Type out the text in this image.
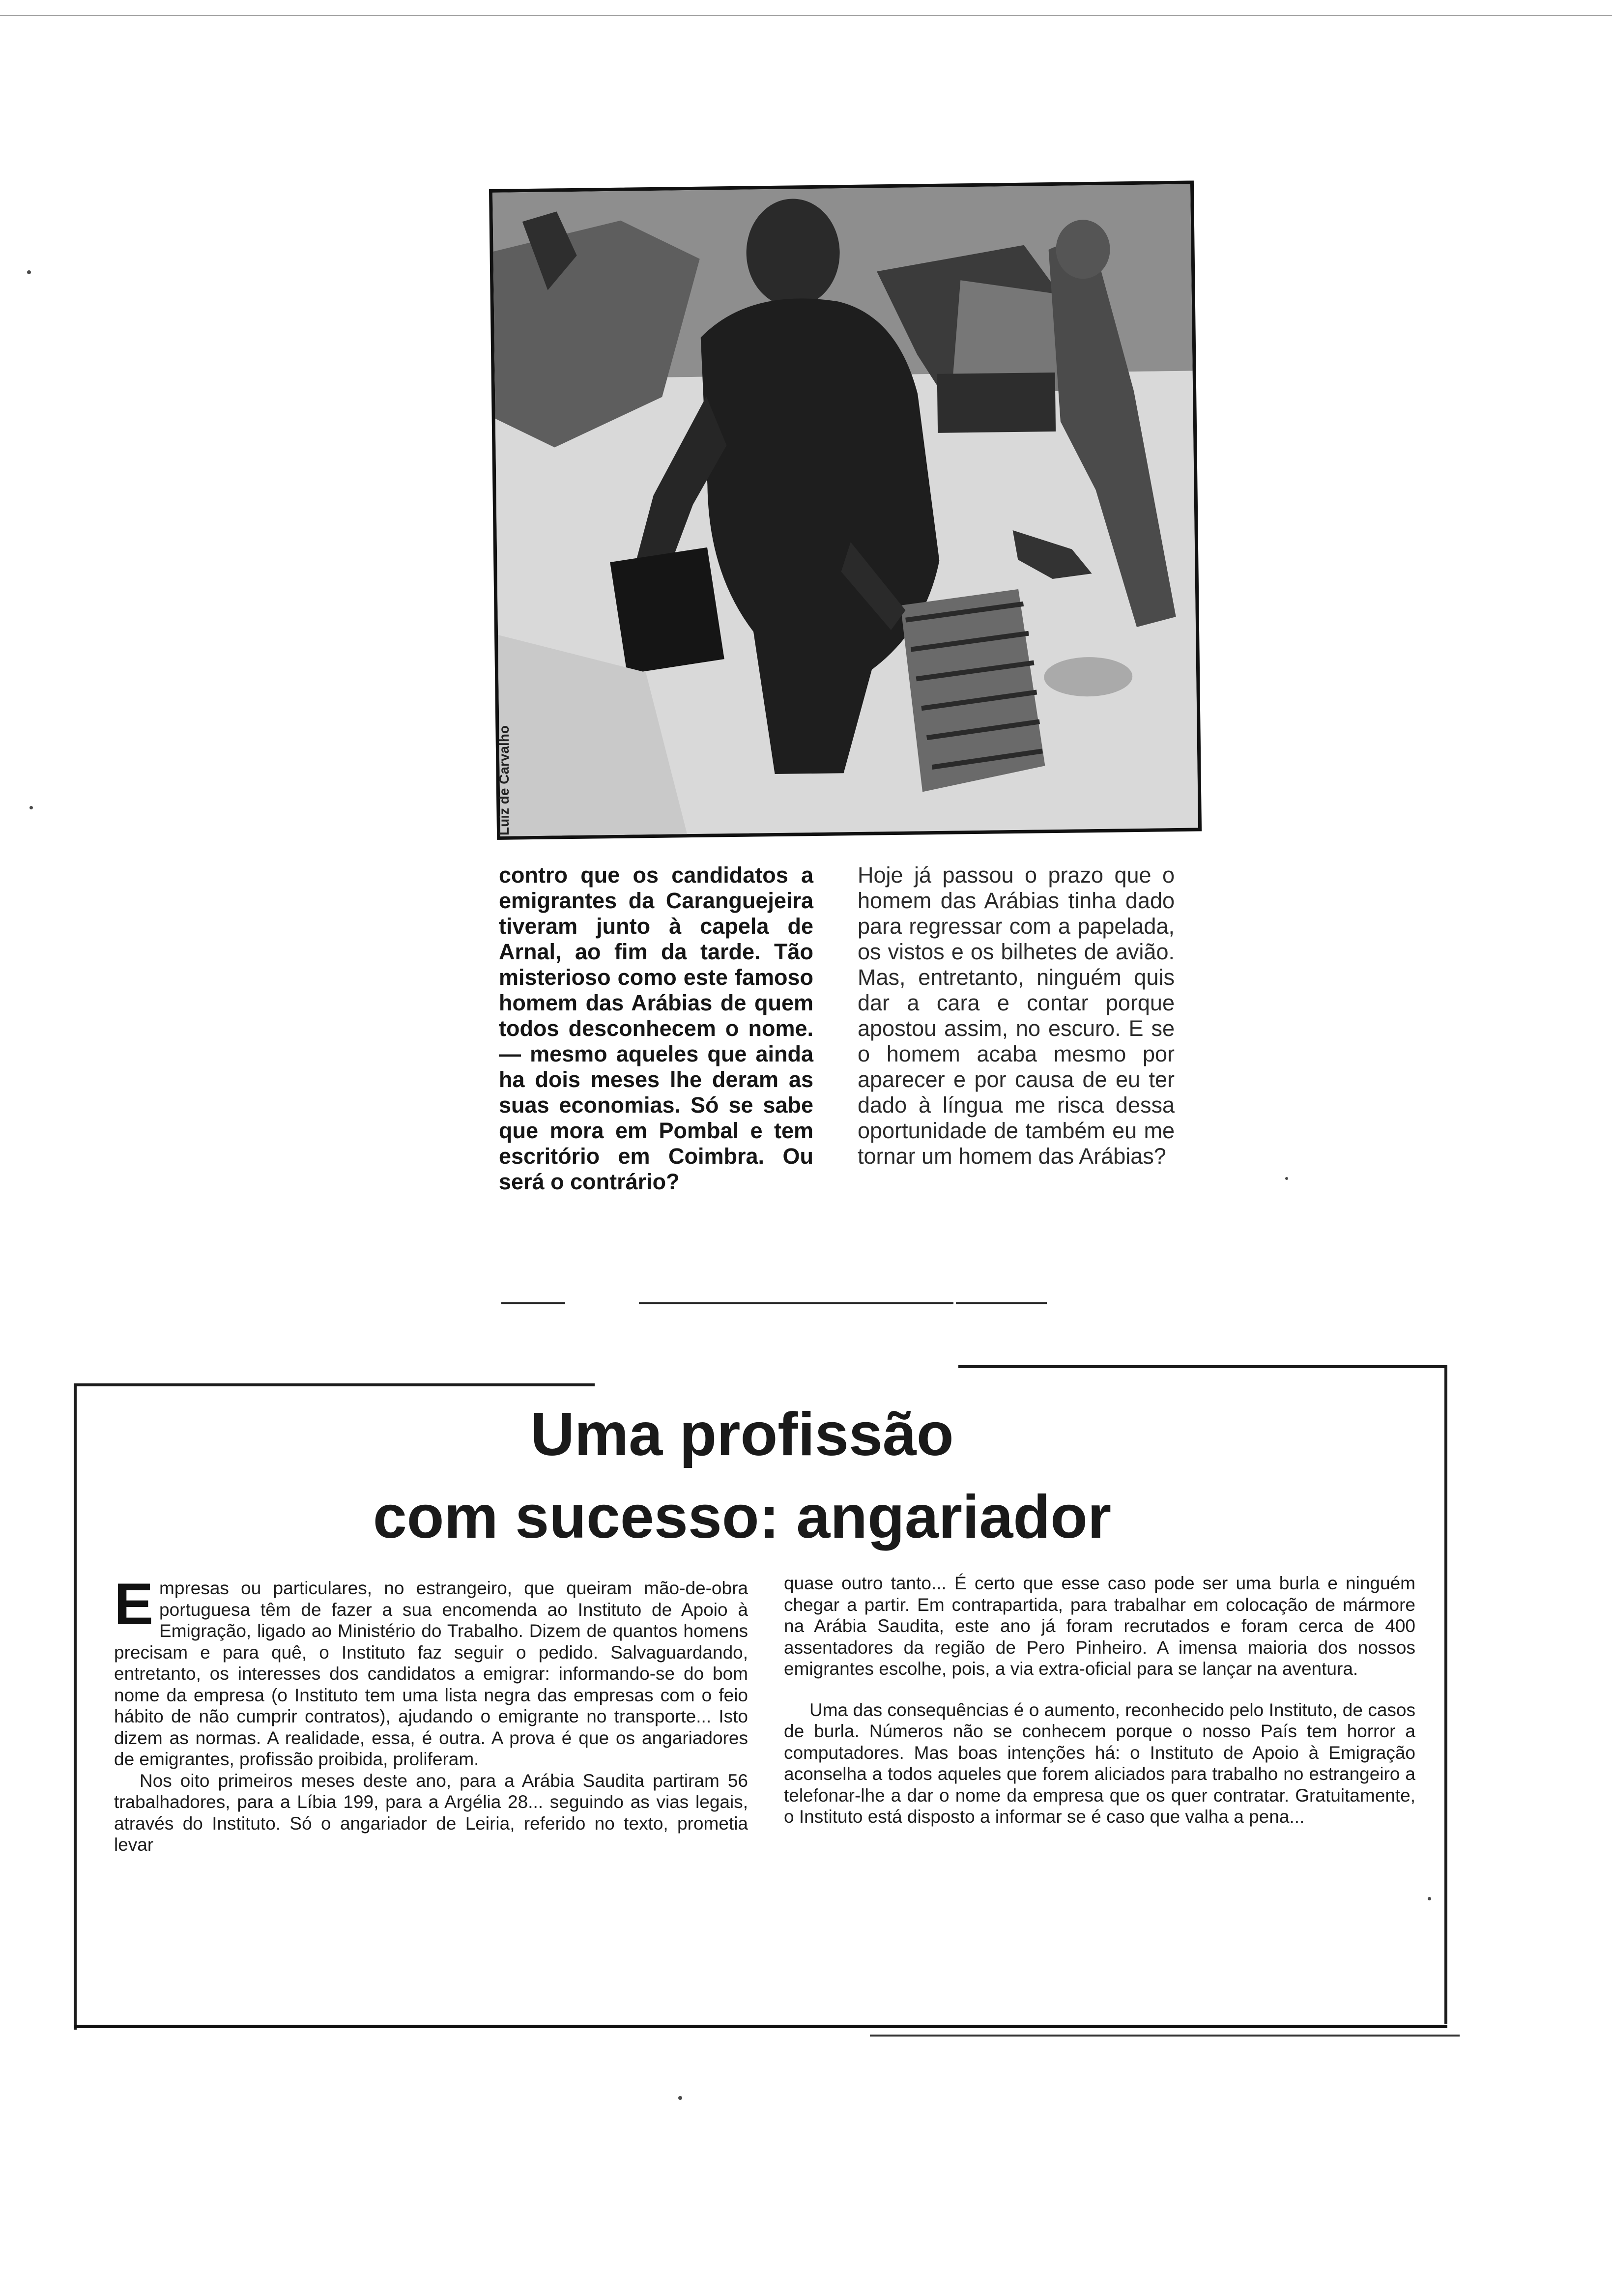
Luiz de Carvalho
contro que os candidatos a emigrantes da Caranguejeira tiveram junto à capela de Arnal, ao fim da tarde. Tão misterioso como este famoso homem das Arábias de quem todos desconhecem o nome. — mesmo aqueles que ainda ha dois meses lhe deram as suas economias. Só se sabe que mora em Pombal e tem escritório em Coimbra. Ou será o contrário?
Hoje já passou o prazo que o homem das Arábias tinha dado para regressar com a papelada, os vistos e os bilhetes de avião. Mas, entretanto, ninguém quis dar a cara e contar porque apostou assim, no escuro. E se o homem acaba mesmo por aparecer e por causa de eu ter dado à língua me risca dessa oportunidade de também eu me tornar um homem das Arábias?
Uma profissão
com sucesso: angariador

Empresas ou particulares, no estrangeiro, que queiram mão-de-obra portuguesa têm de fazer a sua encomenda ao Instituto de Apoio à Emigração, ligado ao Ministério do Trabalho. Dizem de quantos homens precisam e para quê, o Instituto faz seguir o pedido. Salvaguardando, entretanto, os interesses dos candidatos a emigrar: informando-se do bom nome da empresa (o Instituto tem uma lista negra das empresas com o feio hábito de não cumprir contratos), ajudando o emigrante no transporte... Isto dizem as normas. A realidade, essa, é outra. A prova é que os angariadores de emigrantes, profissão proibida, proliferam.

Nos oito primeiros meses deste ano, para a Arábia Saudita partiram 56 trabalhadores, para a Líbia 199, para a Argélia 28... seguindo as vias legais, através do Instituto. Só o angariador de Leiria, referido no texto, prometia levar

quase outro tanto... É certo que esse caso pode ser uma burla e ninguém chegar a partir. Em contrapartida, para trabalhar em colocação de mármore na Arábia Saudita, este ano já foram recrutados e foram cerca de 400 assentadores da região de Pero Pinheiro. A imensa maioria dos nossos emigrantes escolhe, pois, a via extra-oficial para se lançar na aventura.

Uma das consequências é o aumento, reconhecido pelo Instituto, de casos de burla. Números não se conhecem porque o nosso País tem horror a computadores. Mas boas intenções há: o Instituto de Apoio à Emigração aconselha a todos aqueles que forem aliciados para trabalho no estrangeiro a telefonar-lhe a dar o nome da empresa que os quer contratar. Gratuitamente, o Instituto está disposto a informar se é caso que valha a pena...
